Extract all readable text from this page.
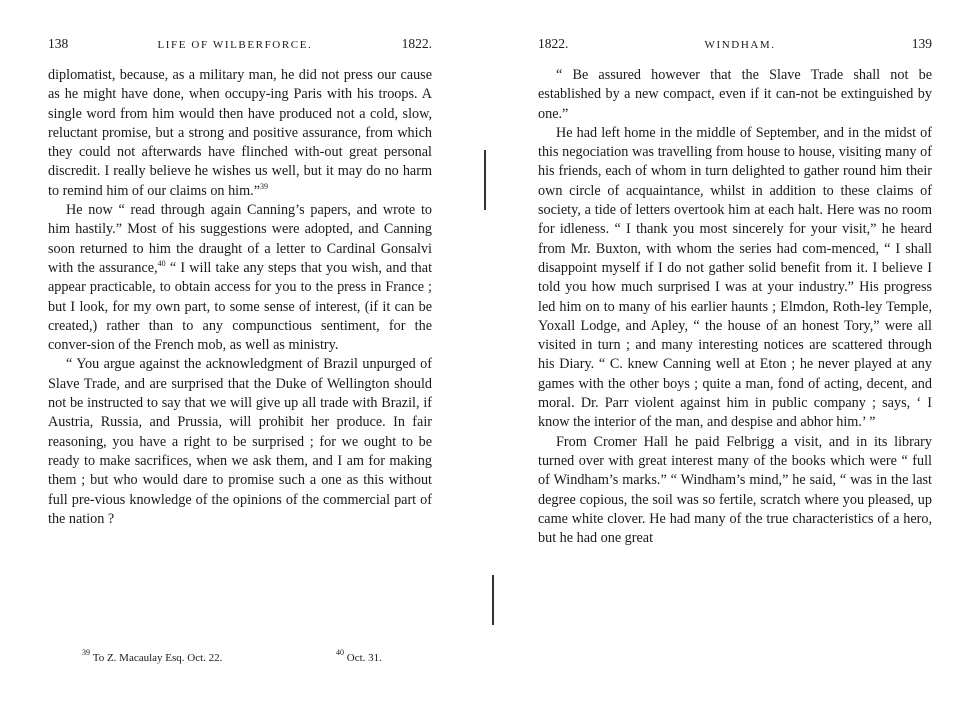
138	LIFE OF WILBERFORCE.	1822.

diplomatist, because, as a military man, he did not press our cause as he might have done, when occupy-ing Paris with his troops. A single word from him would then have produced not a cold, slow, reluctant promise, but a strong and positive assurance, from which they could not afterwards have flinched with-out great personal discredit. I really believe he wishes us well, but it may do no harm to remind him of our claims on him.”$^{39}$

He now “ read through again Canning’s papers, and wrote to him hastily.” Most of his suggestions were adopted, and Canning soon returned to him the draught of a letter to Cardinal Gonsalvi with the assurance,$^{40}$ “ I will take any steps that you wish, and that appear practicable, to obtain access for you to the press in France ; but I look, for my own part, to some sense of interest, (if it can be created,) rather than to any compunctious sentiment, for the conver-sion of the French mob, as well as ministry.

“ You argue against the acknowledgment of Brazil unpurged of Slave Trade, and are surprised that the Duke of Wellington should not be instructed to say that we will give up all trade with Brazil, if Austria, Russia, and Prussia, will prohibit her produce. In fair reasoning, you have a right to be surprised ; for we ought to be ready to make sacrifices, when we ask them, and I am for making them ; but who would dare to promise such a one as this without full pre-vious knowledge of the opinions of the commercial part of the nation ?

$^{39}$ To Z. Macaulay Esq. Oct. 22.	$^{40}$ Oct. 31.
1822.	WINDHAM.	139

“ Be assured however that the Slave Trade shall not be established by a new compact, even if it can-not be extinguished by one.”

He had left home in the middle of September, and in the midst of this negociation was travelling from house to house, visiting many of his friends, each of whom in turn delighted to gather round him their own circle of acquaintance, whilst in addition to these claims of society, a tide of letters overtook him at each halt. Here was no room for idleness. “ I thank you most sincerely for your visit,” he heard from Mr. Buxton, with whom the series had com-menced, “ I shall disappoint myself if I do not gather solid benefit from it. I believe I told you how much surprised I was at your industry.” His progress led him on to many of his earlier haunts ; Elmdon, Roth-ley Temple, Yoxall Lodge, and Apley, “ the house of an honest Tory,” were all visited in turn ; and many interesting notices are scattered through his Diary. “ C. knew Canning well at Eton ; he never played at any games with the other boys ; quite a man, fond of acting, decent, and moral. Dr. Parr violent against him in public company ; says, ‘ I know the interior of the man, and despise and abhor him.’ ”

From Cromer Hall he paid Felbrigg a visit, and in its library turned over with great interest many of the books which were “ full of Windham’s marks.” “ Windham’s mind,” he said, “ was in the last degree copious, the soil was so fertile, scratch where you pleased, up came white clover. He had many of the true characteristics of a hero, but he had one great
